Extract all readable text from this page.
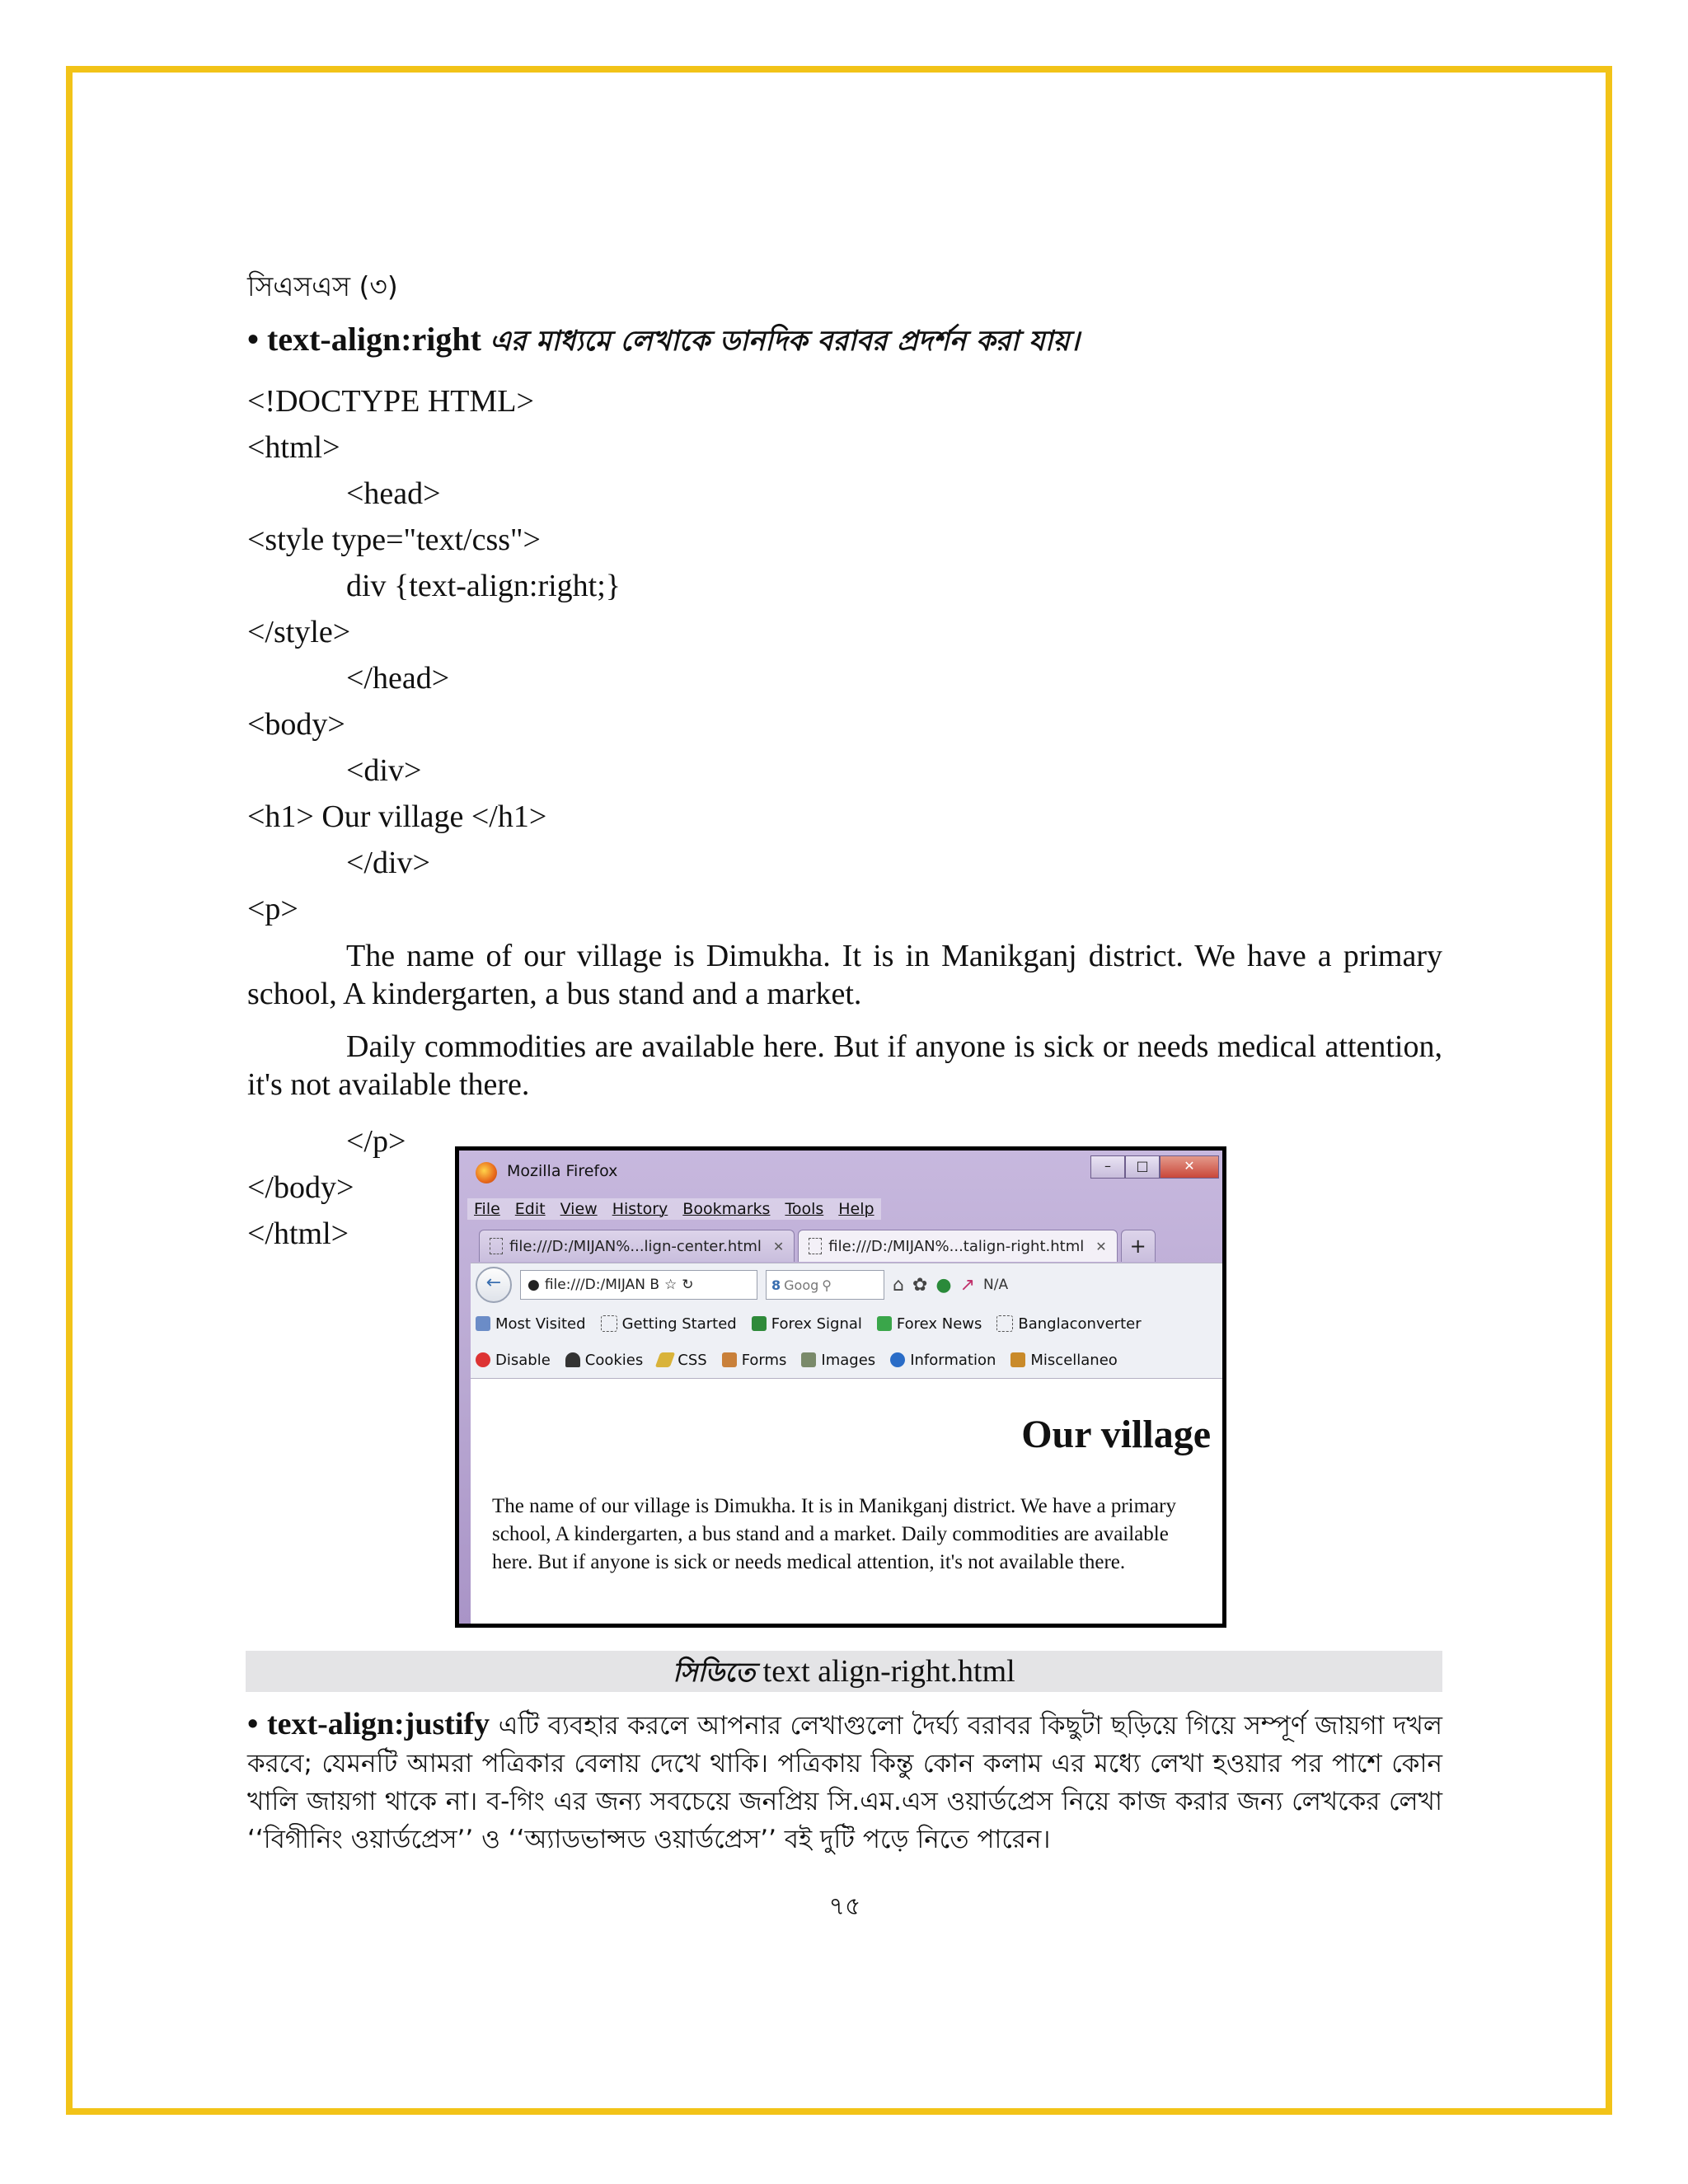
সিএসএস (৩)
• text-align:right এর মাধ্যমে লেখাকে ডানদিক বরাবর প্রদর্শন করা যায়।
<!DOCTYPE HTML>
<html>
<head>
<style type="text/css">
div {text-align:right;}
</style>
</head>
<body>
<div>
<h1> Our village </h1>
</div>
<p>
The name of our village is Dimukha. It is in Manikganj district. We have a primary school, A kindergarten, a bus stand and a market.
Daily commodities are available here. But if anyone is sick or needs medical attention, it's not available there.
</p>
</body>
</html>
Mozilla Firefox	–	□	✕
File Edit View History Bookmarks Tools Help
file:///D:/MIJAN%...lign-center.html ✕	file:///D:/MIJAN%...talign-right.html ✕	+
←	● file:///D:/MIJAN B ☆ ↻	8 Goog ⚲	⌂ ✿ ● ↗ N/A
Most Visited Getting Started Forex Signal Forex News Banglaconverter
Disable Cookies CSS Forms Images Information Miscellaneo
Our village
The name of our village is Dimukha. It is in Manikganj district. We have a primary school, A kindergarten, a bus stand and a market. Daily commodities are available here. But if anyone is sick or needs medical attention, it's not available there.
সিডিতে text align-right.html
• text-align:justify এটি ব্যবহার করলে আপনার লেখাগুলো দৈর্ঘ্য বরাবর কিছুটা ছড়িয়ে গিয়ে সম্পূর্ণ জায়গা দখল করবে; যেমনটি আমরা পত্রিকার বেলায় দেখে থাকি। পত্রিকায় কিন্তু কোন কলাম এর মধ্যে লেখা হওয়ার পর পাশে কোন খালি জায়গা থাকে না। ব-গিং এর জন্য সবচেয়ে জনপ্রিয় সি.এম.এস ওয়ার্ডপ্রেস নিয়ে কাজ করার জন্য লেখকের লেখা ‘‘বিগীনিং ওয়ার্ডপ্রেস’’ ও ‘‘অ্যাডভান্সড ওয়ার্ডপ্রেস’’ বই দুটি পড়ে নিতে পারেন।
৭৫
